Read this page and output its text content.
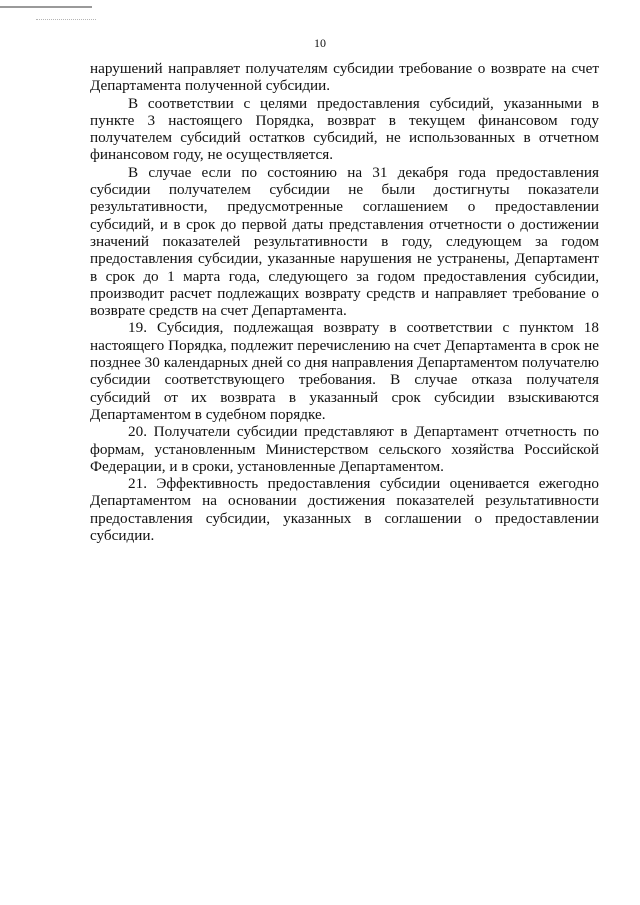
10

нарушений направляет получателям субсидии требование о возврате на счет Департамента полученной субсидии.

В соответствии с целями предоставления субсидий, указанными в пункте 3 настоящего Порядка, возврат в текущем финансовом году получателем субсидий остатков субсидий, не использованных в отчетном финансовом году, не осуществляется.

В случае если по состоянию на 31 декабря года предоставления субсидии получателем субсидии не были достигнуты показатели результативности, предусмотренные соглашением о предоставлении субсидий, и в срок до первой даты представления отчетности о достижении значений показателей результативности в году, следующем за годом предоставления субсидии, указанные нарушения не устранены, Департамент в срок до 1 марта года, следующего за годом предоставления субсидии, производит расчет подлежащих возврату средств и направляет требование о возврате средств на счет Департамента.

19. Субсидия, подлежащая возврату в соответствии с пунктом 18 настоящего Порядка, подлежит перечислению на счет Департамента в срок не позднее 30 календарных дней со дня направления Департаментом получателю субсидии соответствующего требования. В случае отказа получателя субсидий от их возврата в указанный срок субсидии взыскиваются Департаментом в судебном порядке.

20. Получатели субсидии представляют в Департамент отчетность по формам, установленным Министерством сельского хозяйства Российской Федерации, и в сроки, установленные Департаментом.

21. Эффективность предоставления субсидии оценивается ежегодно Департаментом на основании достижения показателей результативности предоставления субсидии, указанных в соглашении о предоставлении субсидии.
